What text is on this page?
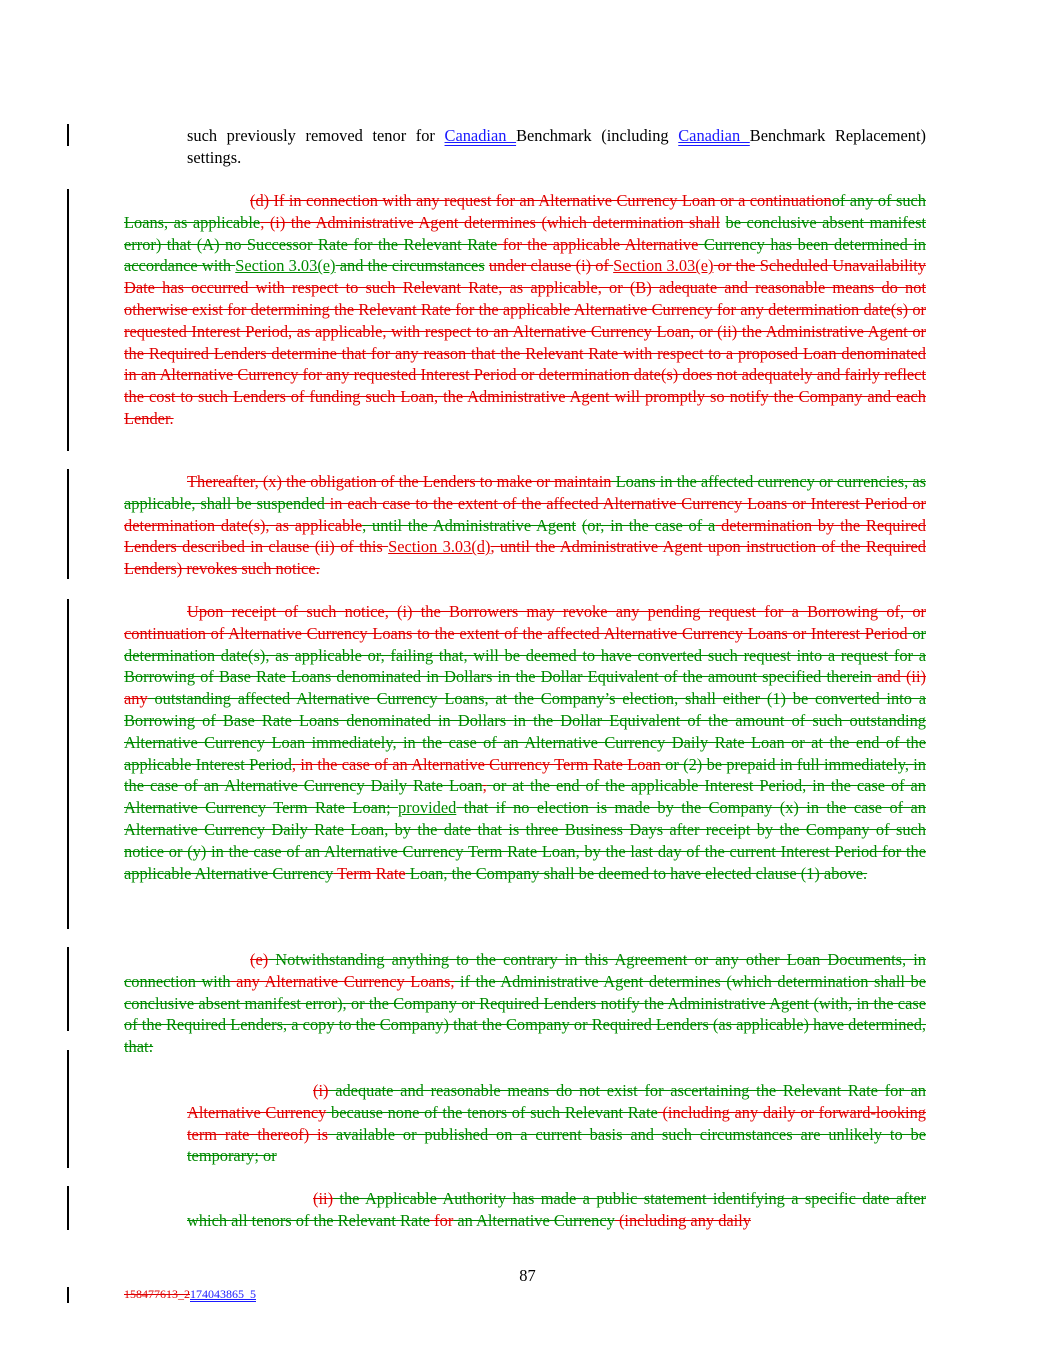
such previously removed tenor for Canadian Benchmark (including Canadian Benchmark Replacement) settings.
(d) If in connection with any request for an Alternative Currency Loan or a continuationof any of such Loans, as applicable, (i) the Administrative Agent determines (which determination shall be conclusive absent manifest error) that (A) no Successor Rate for the Relevant Rate for the applicable Alternative Currency has been determined in accordance with Section 3.03(e) and the circumstances under clause (i) of Section 3.03(e) or the Scheduled Unavailability Date has occurred with respect to such Relevant Rate, as applicable, or (B) adequate and reasonable means do not otherwise exist for determining the Relevant Rate for the applicable Alternative Currency for any determination date(s) or requested Interest Period, as applicable, with respect to an Alternative Currency Loan, or (ii) the Administrative Agent or the Required Lenders determine that for any reason that the Relevant Rate with respect to a proposed Loan denominated in an Alternative Currency for any requested Interest Period or determination date(s) does not adequately and fairly reflect the cost to such Lenders of funding such Loan, the Administrative Agent will promptly so notify the Company and each Lender.
Thereafter, (x) the obligation of the Lenders to make or maintain Loans in the affected currency or currencies, as applicable, shall be suspended in each case to the extent of the affected Alternative Currency Loans or Interest Period or determination date(s), as applicable, until the Administrative Agent (or, in the case of a determination by the Required Lenders described in clause (ii) of this Section 3.03(d), until the Administrative Agent upon instruction of the Required Lenders) revokes such notice.
Upon receipt of such notice, (i) the Borrowers may revoke any pending request for a Borrowing of, or continuation of Alternative Currency Loans to the extent of the affected Alternative Currency Loans or Interest Period or determination date(s), as applicable or, failing that, will be deemed to have converted such request into a request for a Borrowing of Base Rate Loans denominated in Dollars in the Dollar Equivalent of the amount specified therein and (ii) any outstanding affected Alternative Currency Loans, at the Company’s election, shall either (1) be converted into a Borrowing of Base Rate Loans denominated in Dollars in the Dollar Equivalent of the amount of such outstanding Alternative Currency Loan immediately, in the case of an Alternative Currency Daily Rate Loan or at the end of the applicable Interest Period, in the case of an Alternative Currency Term Rate Loan or (2) be prepaid in full immediately, in the case of an Alternative Currency Daily Rate Loan, or at the end of the applicable Interest Period, in the case of an Alternative Currency Term Rate Loan; provided that if no election is made by the Company (x) in the case of an Alternative Currency Daily Rate Loan, by the date that is three Business Days after receipt by the Company of such notice or (y) in the case of an Alternative Currency Term Rate Loan, by the last day of the current Interest Period for the applicable Alternative Currency Term Rate Loan, the Company shall be deemed to have elected clause (1) above.
(e) Notwithstanding anything to the contrary in this Agreement or any other Loan Documents, in connection with any Alternative Currency Loans, if the Administrative Agent determines (which determination shall be conclusive absent manifest error), or the Company or Required Lenders notify the Administrative Agent (with, in the case of the Required Lenders, a copy to the Company) that the Company or Required Lenders (as applicable) have determined, that:
(i) adequate and reasonable means do not exist for ascertaining the Relevant Rate for an Alternative Currency because none of the tenors of such Relevant Rate (including any daily or forward-looking term rate thereof) is available or published on a current basis and such circumstances are unlikely to be temporary; or
(ii) the Applicable Authority has made a public statement identifying a specific date after which all tenors of the Relevant Rate for an Alternative Currency (including any daily
87
158477613_2174043865_5
